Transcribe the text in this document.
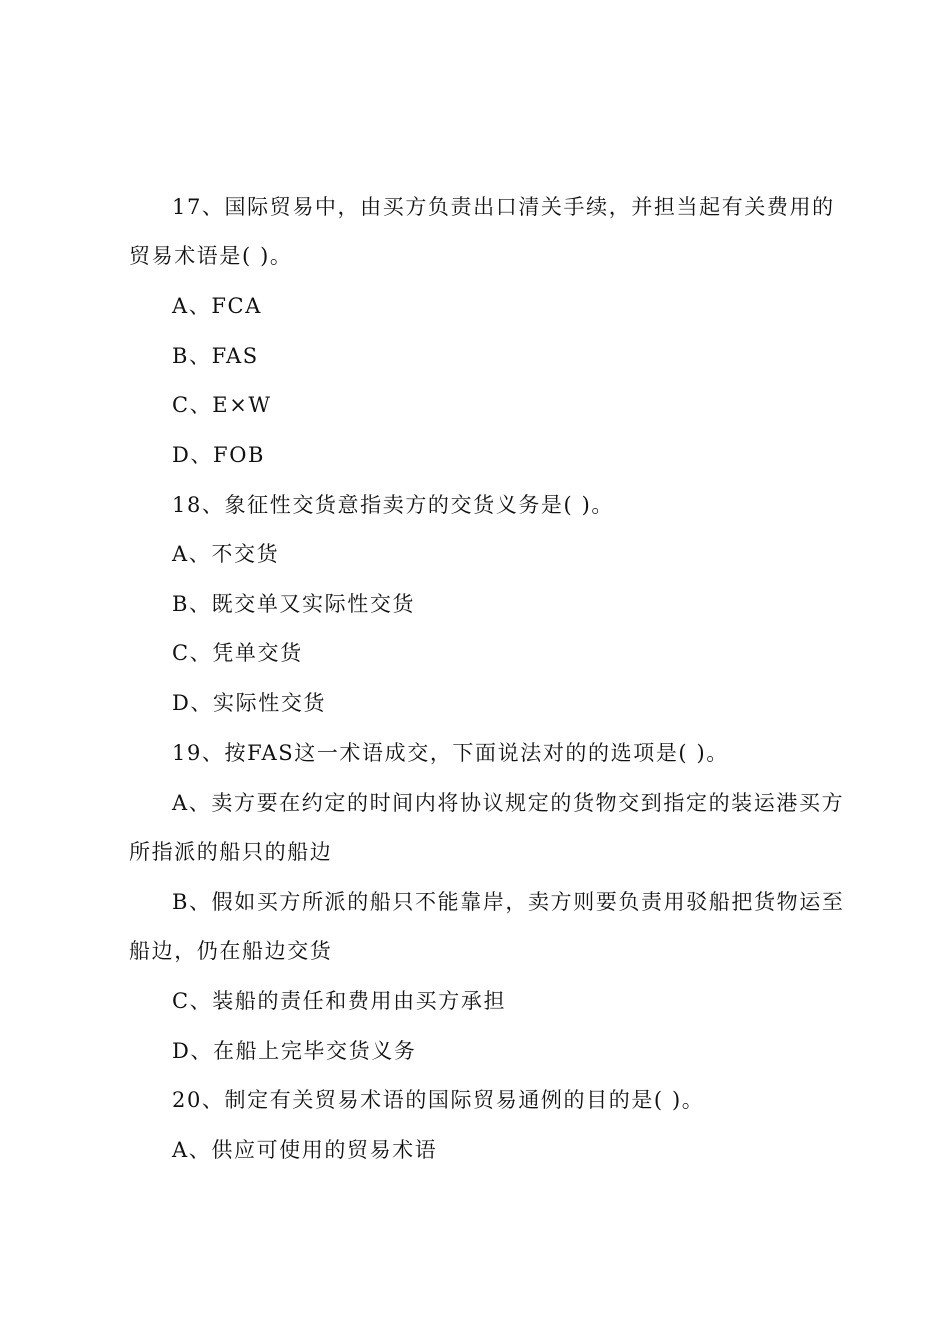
17、国际贸易中，由买方负责出口清关手续，并担当起有关费用的
贸易术语是( )。
A、FCA
B、FAS
C、E×W
D、FOB
18、象征性交货意指卖方的交货义务是( )。
A、不交货
B、既交单又实际性交货
C、凭单交货
D、实际性交货
19、按FAS这一术语成交，下面说法对的的选项是( )。
A、卖方要在约定的时间内将协议规定的货物交到指定的装运港买方
所指派的船只的船边
B、假如买方所派的船只不能靠岸，卖方则要负责用驳船把货物运至
船边，仍在船边交货
C、装船的责任和费用由买方承担
D、在船上完毕交货义务
20、制定有关贸易术语的国际贸易通例的目的是( )。
A、供应可使用的贸易术语
